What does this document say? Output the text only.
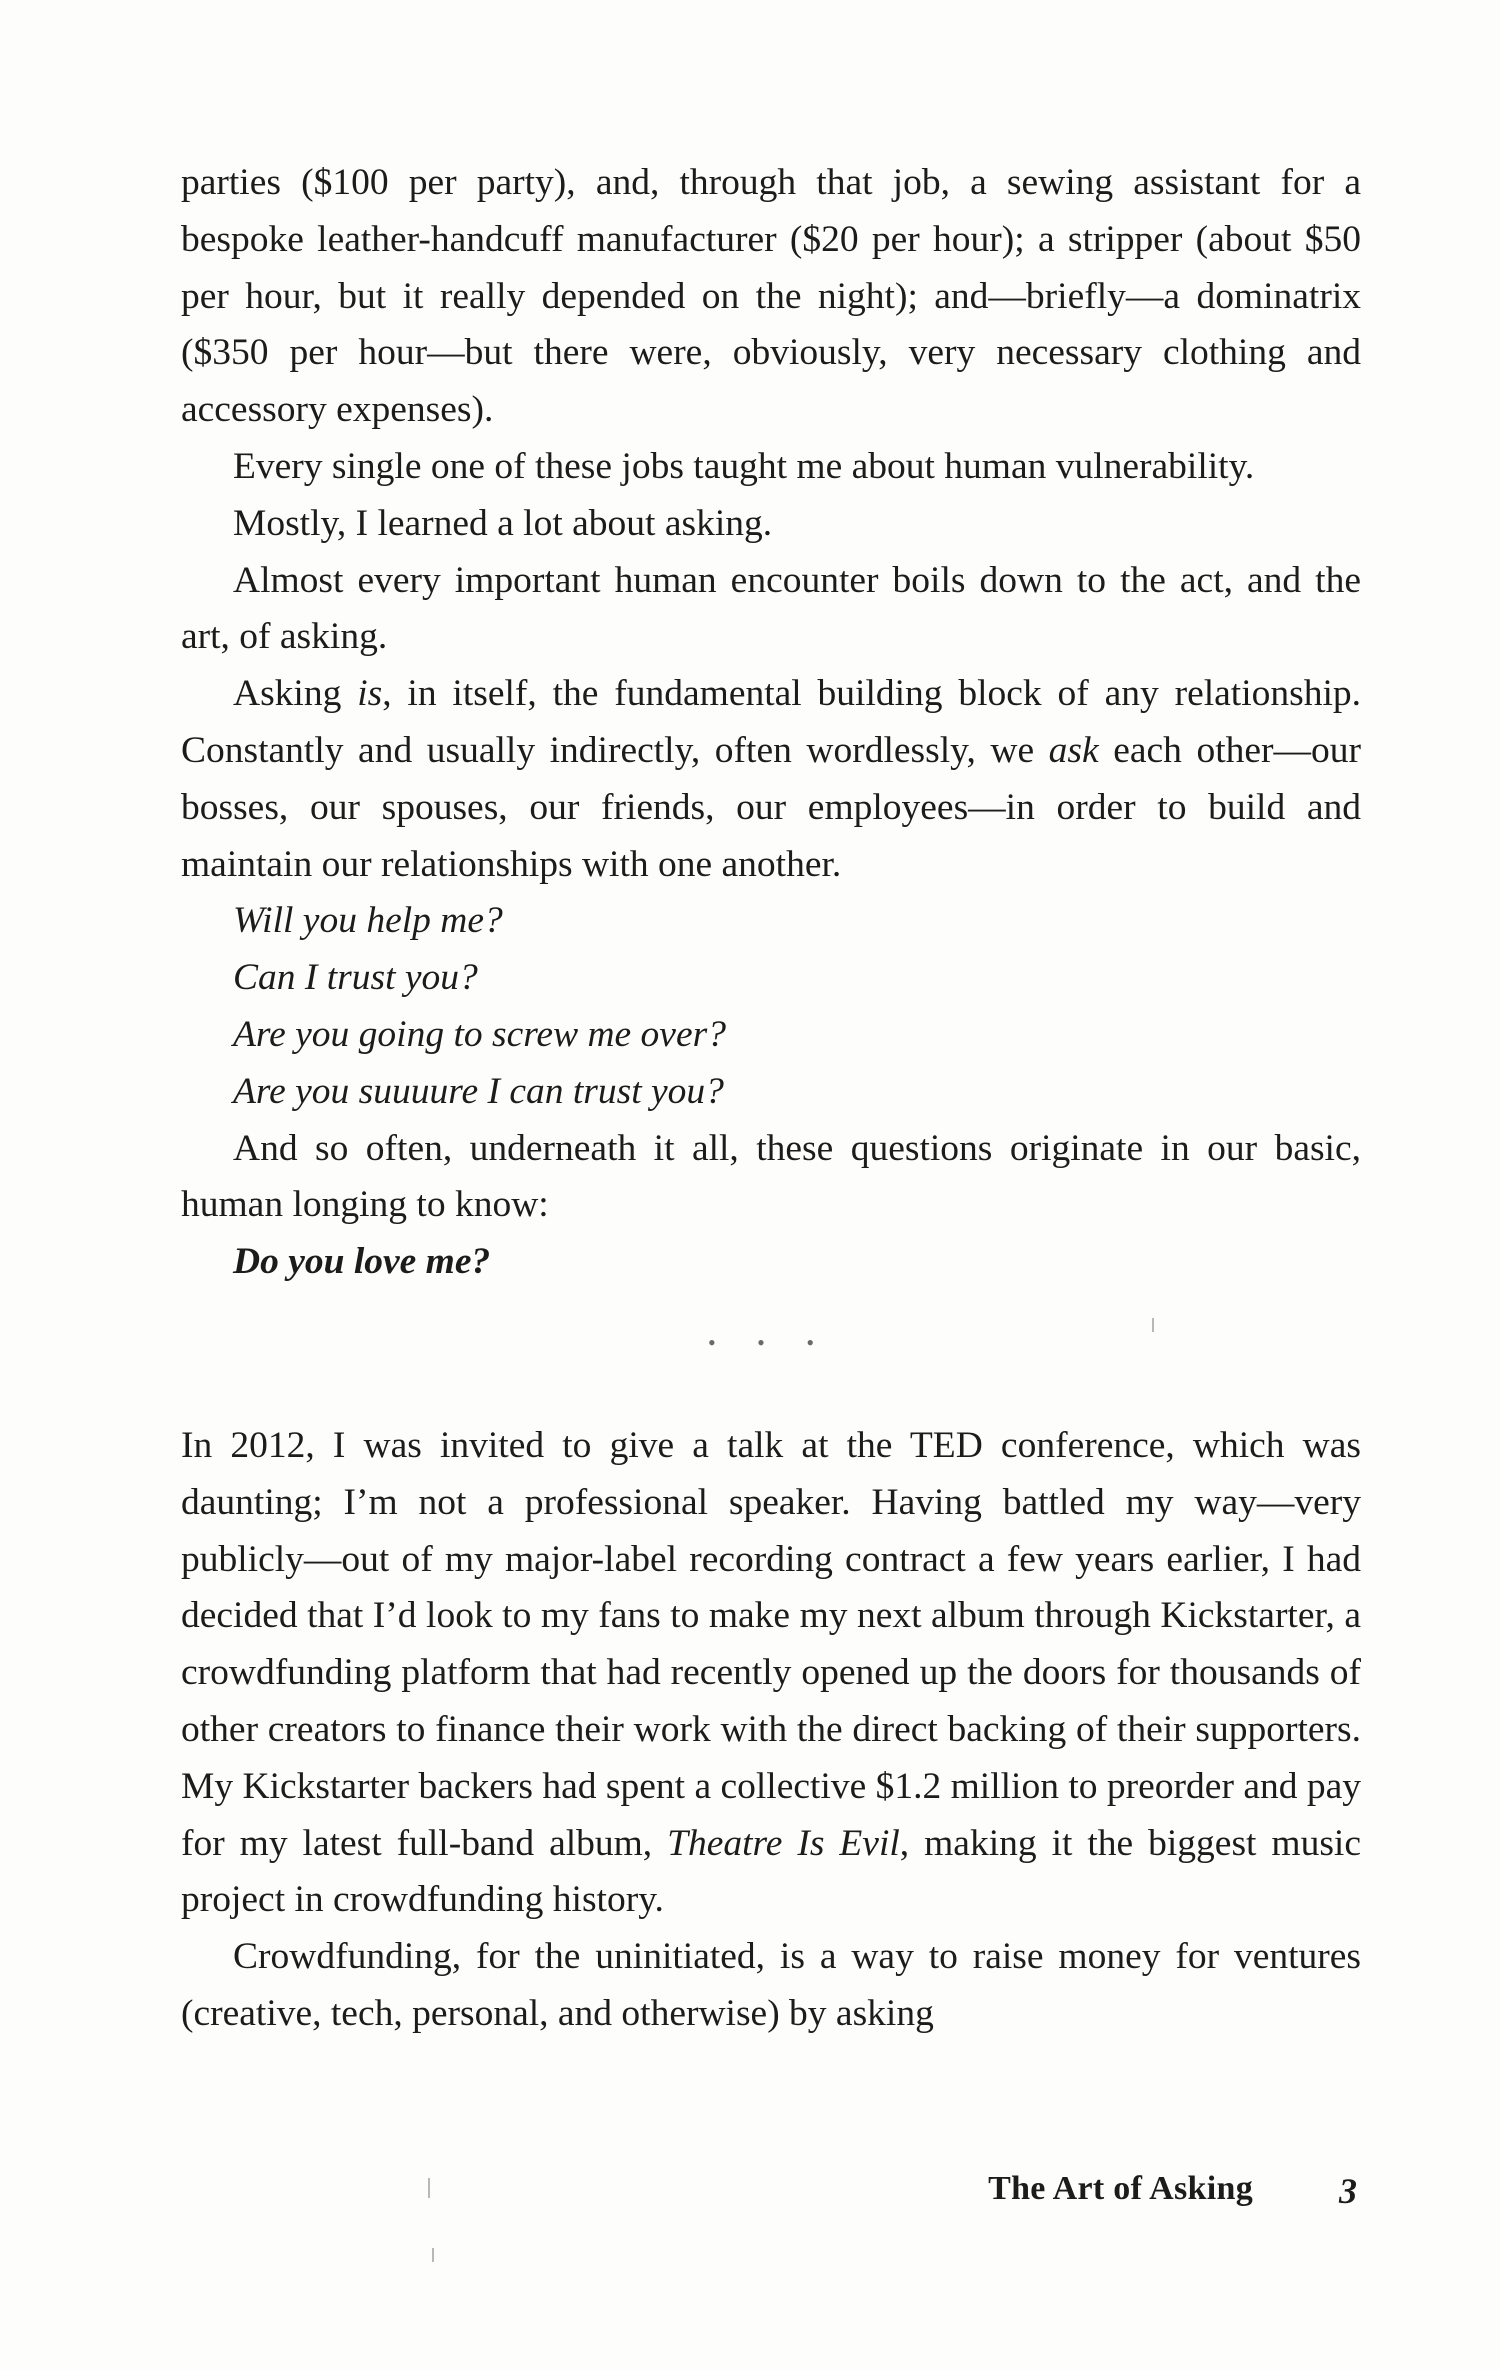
parties ($100 per party), and, through that job, a sewing assistant for a bespoke leather-handcuff manufacturer ($20 per hour); a stripper (about $50 per hour, but it really depended on the night); and—briefly—a dominatrix ($350 per hour—but there were, obviously, very necessary clothing and accessory expenses).

Every single one of these jobs taught me about human vulnerability.

Mostly, I learned a lot about asking.

Almost every important human encounter boils down to the act, and the art, of asking.

Asking is, in itself, the fundamental building block of any relationship. Constantly and usually indirectly, often wordlessly, we ask each other—our bosses, our spouses, our friends, our employees—in order to build and maintain our relationships with one another.

Will you help me?

Can I trust you?

Are you going to screw me over?

Are you suuuure I can trust you?

And so often, underneath it all, these questions originate in our basic, human longing to know:

Do you love me?

• • •

In 2012, I was invited to give a talk at the TED conference, which was daunting; I’m not a professional speaker. Having battled my way—very publicly—out of my major-label recording contract a few years earlier, I had decided that I’d look to my fans to make my next album through Kickstarter, a crowdfunding platform that had recently opened up the doors for thousands of other creators to finance their work with the direct backing of their supporters. My Kickstarter backers had spent a collective $1.2 million to preorder and pay for my latest full-band album, Theatre Is Evil, making it the biggest music project in crowdfunding history.

Crowdfunding, for the uninitiated, is a way to raise money for ventures (creative, tech, personal, and otherwise) by asking

The Art of Asking 3
